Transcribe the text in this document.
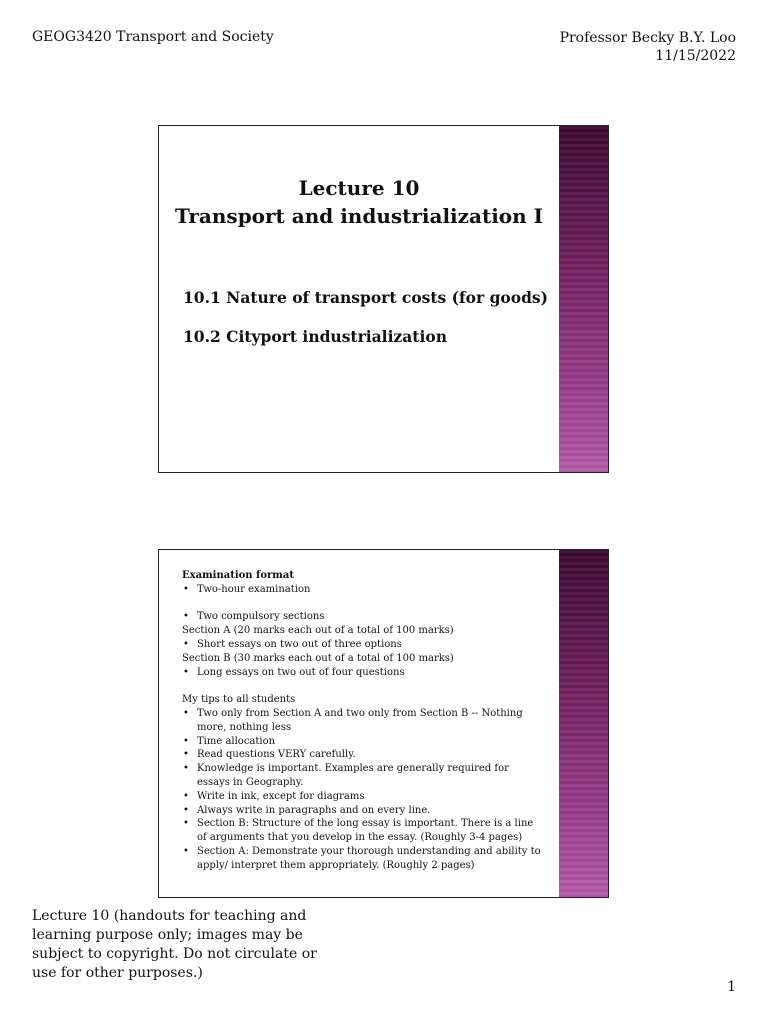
GEOG3420 Transport and Society	Professor Becky B.Y. Loo
11/15/2022
Lecture 10
Transport and industrialization I
10.1 Nature of transport costs (for goods)
10.2 Cityport industrialization
Examination format
• Two-hour examination
• Two compulsory sections
Section A (20 marks each out of a total of 100 marks)
• Short essays on two out of three options
Section B (30 marks each out of a total of 100 marks)
• Long essays on two out of four questions
My tips to all students
• Two only from Section A and two only from Section B -- Nothing more, nothing less
• Time allocation
• Read questions VERY carefully.
• Knowledge is important. Examples are generally required for essays in Geography.
• Write in ink, except for diagrams
• Always write in paragraphs and on every line.
• Section B: Structure of the long essay is important. There is a line of arguments that you develop in the essay. (Roughly 3-4 pages)
• Section A: Demonstrate your thorough understanding and ability to apply/ interpret them appropriately. (Roughly 2 pages)
Lecture 10 (handouts for teaching and learning purpose only; images may be subject to copyright. Do not circulate or use for other purposes.)
1
